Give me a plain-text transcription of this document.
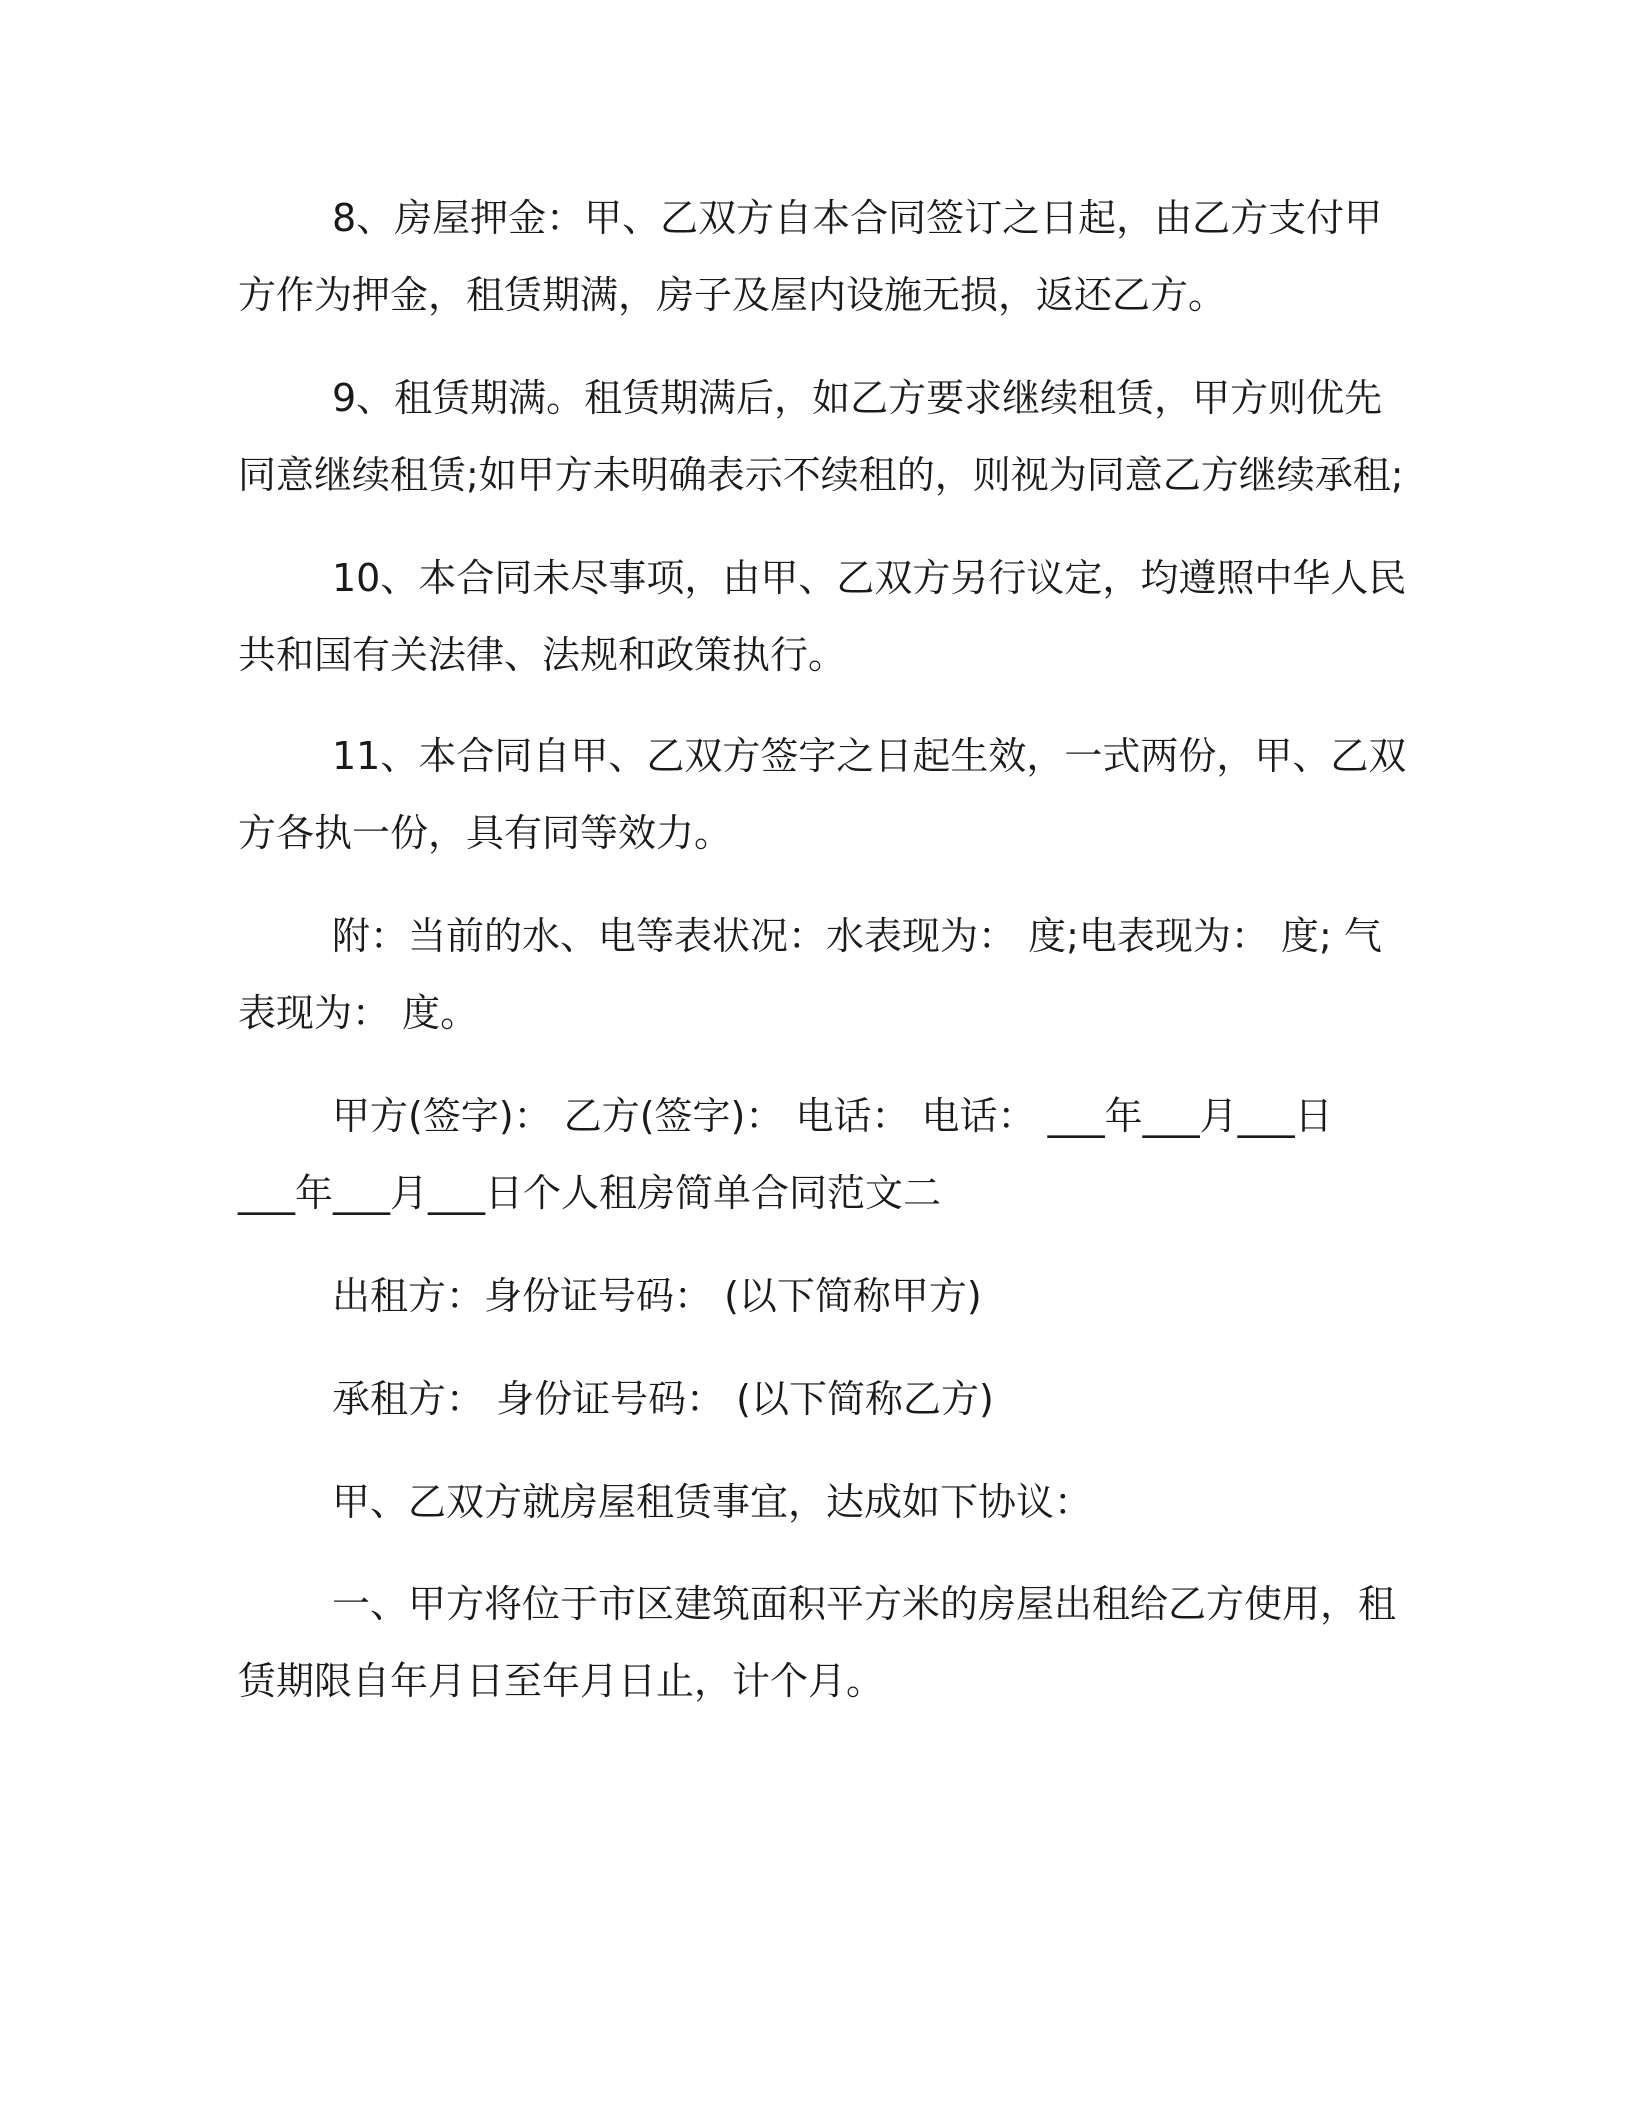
8、房屋押金：甲、乙双方自本合同签订之日起，由乙方支付甲
方作为押金，租赁期满，房子及屋内设施无损，返还乙方。
9、租赁期满。租赁期满后，如乙方要求继续租赁，甲方则优先
同意继续租赁;如甲方未明确表示不续租的，则视为同意乙方继续承租;
10、本合同未尽事项，由甲、乙双方另行议定，均遵照中华人民
共和国有关法律、法规和政策执行。
11、本合同自甲、乙双方签字之日起生效，一式两份，甲、乙双
方各执一份，具有同等效力。
附：当前的水、电等表状况：水表现为： 度;电表现为： 度; 气
表现为： 度。
甲方(签字)： 乙方(签字)： 电话： 电话： ___年___月___日
___年___月___日个人租房简单合同范文二
出租方：身份证号码： (以下简称甲方)
承租方： 身份证号码： (以下简称乙方)
甲、乙双方就房屋租赁事宜，达成如下协议：
一、甲方将位于市区建筑面积平方米的房屋出租给乙方使用，租
赁期限自年月日至年月日止，计个月。
